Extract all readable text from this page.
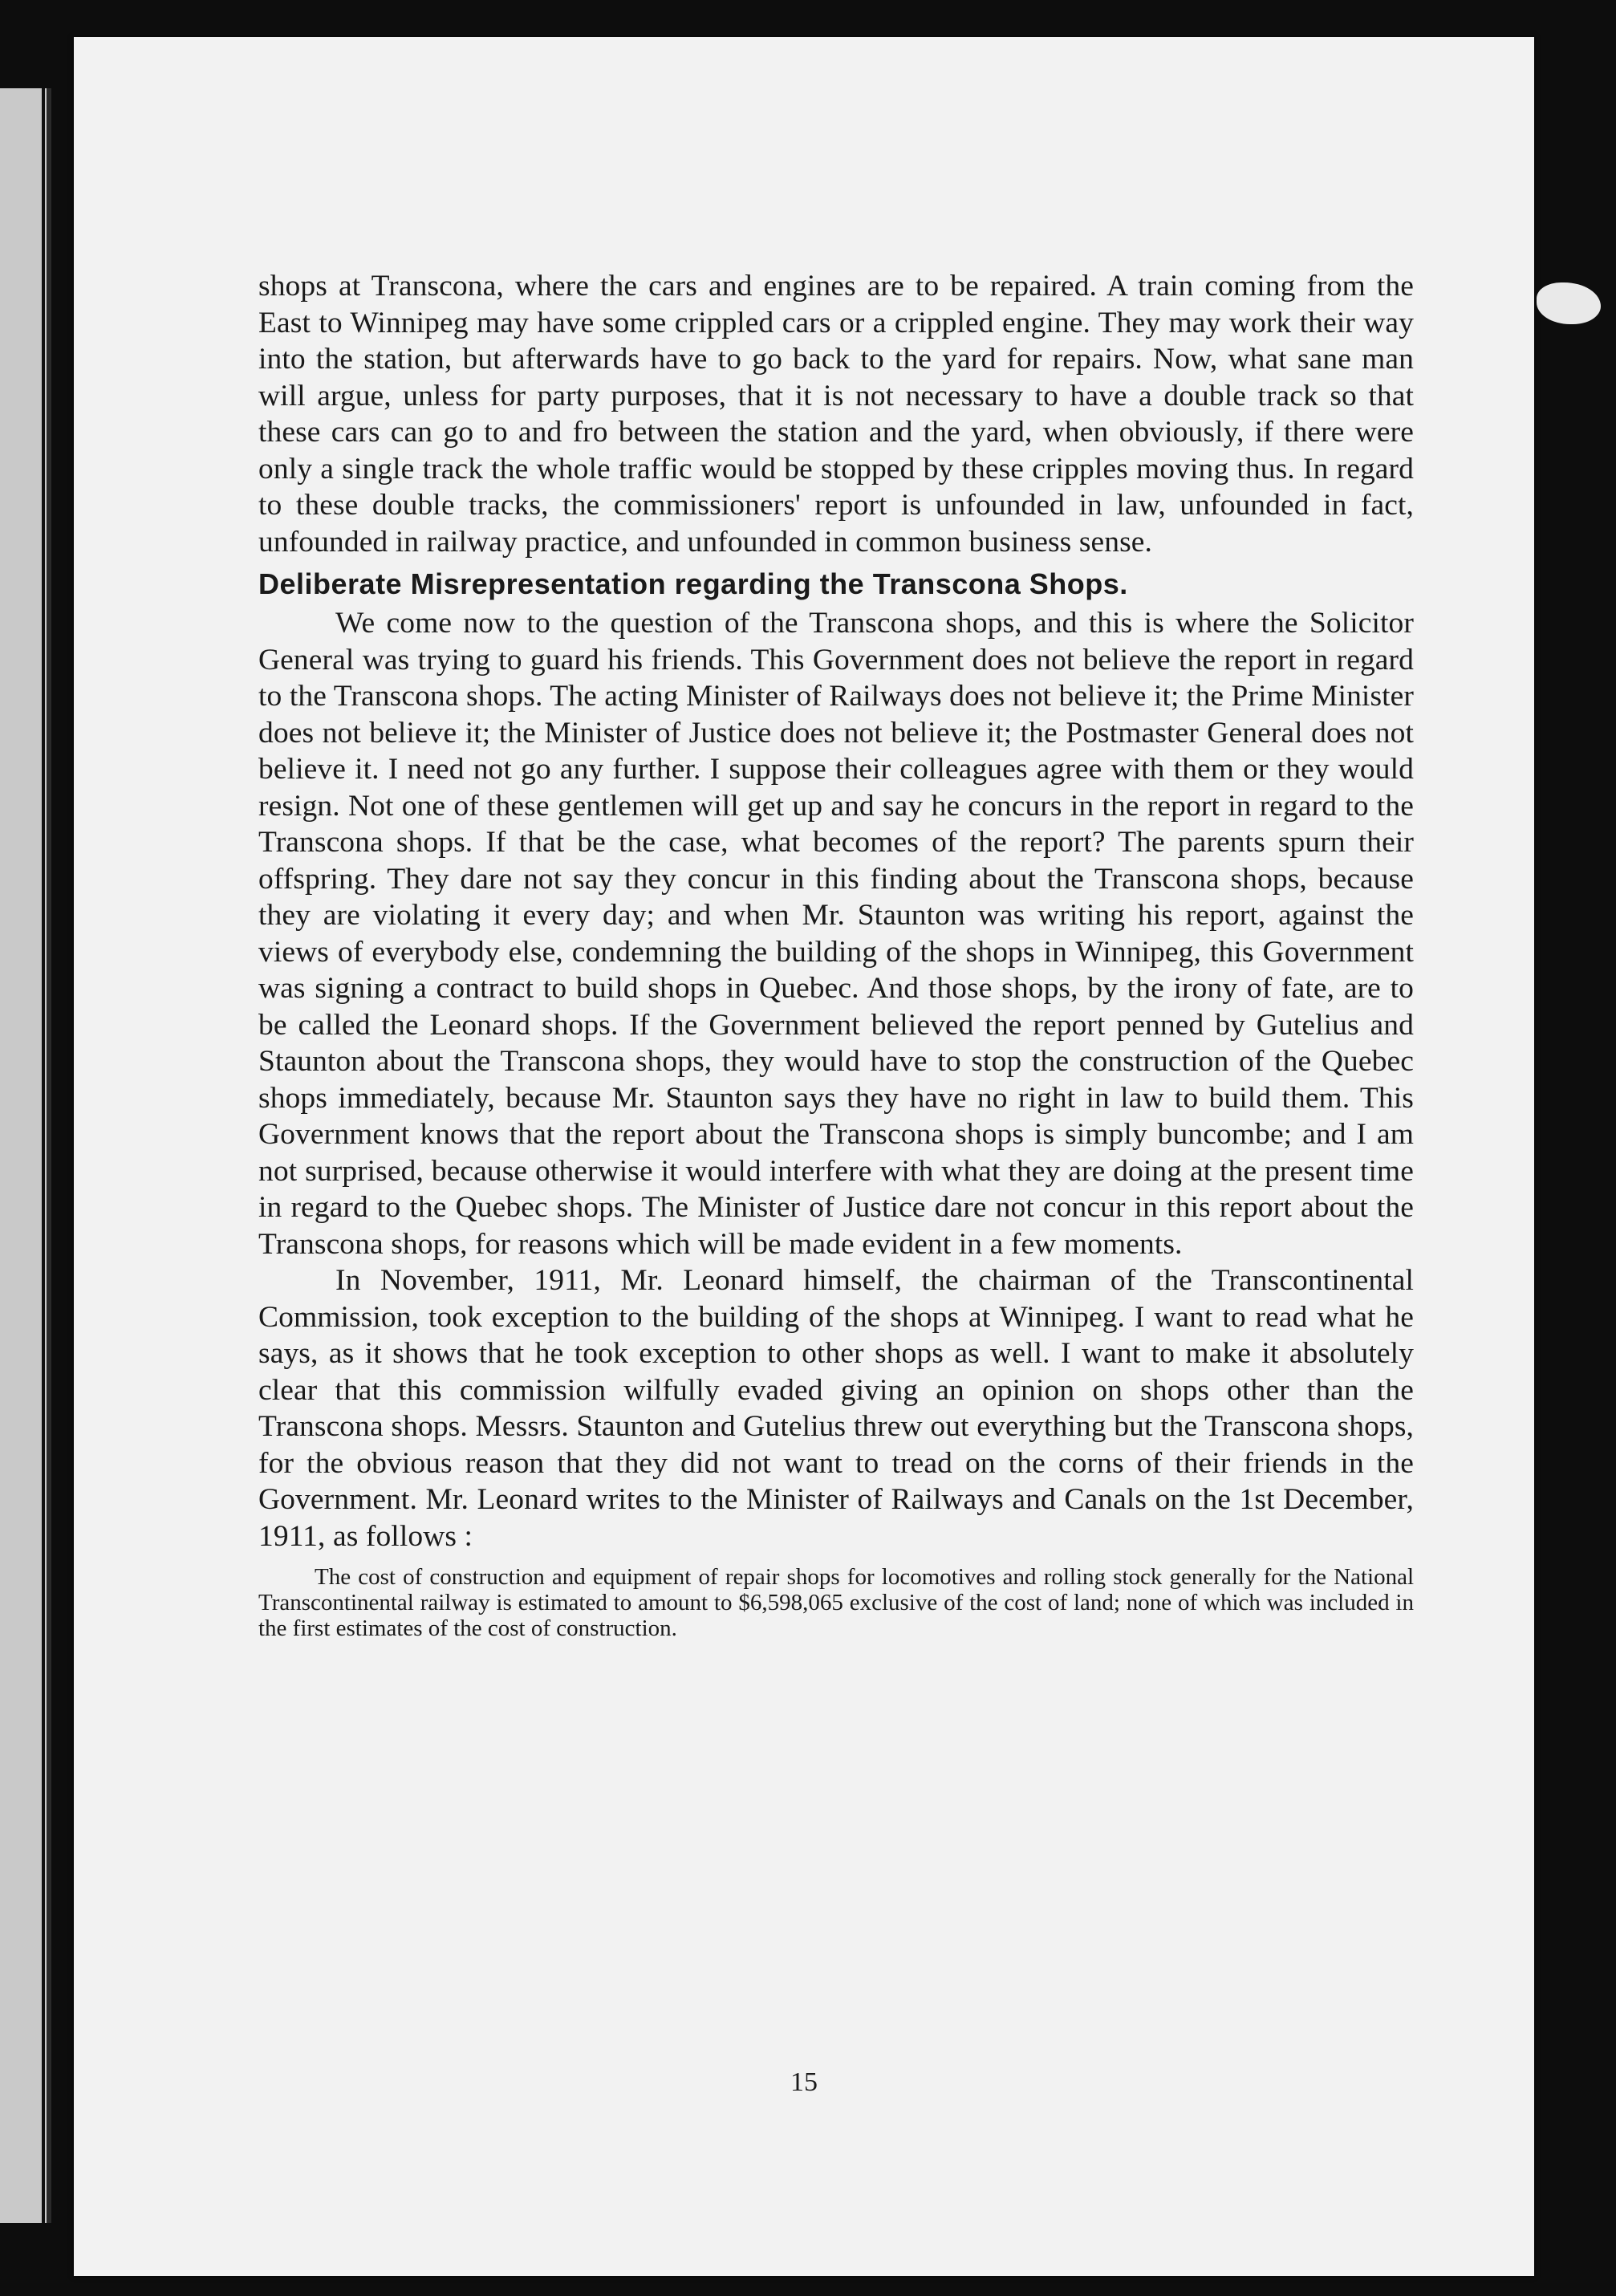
shops at Transcona, where the cars and engines are to be repaired. A train coming from the East to Winnipeg may have some crippled cars or a crippled engine. They may work their way into the station, but afterwards have to go back to the yard for repairs. Now, what sane man will argue, unless for party purposes, that it is not necessary to have a double track so that these cars can go to and fro between the station and the yard, when obviously, if there were only a single track the whole traffic would be stopped by these cripples moving thus. In regard to these double tracks, the commissioners' report is unfounded in law, unfounded in fact, unfounded in railway practice, and unfounded in common business sense.

Deliberate Misrepresentation regarding the Transcona Shops.

We come now to the question of the Transcona shops, and this is where the Solicitor General was trying to guard his friends. This Government does not believe the report in regard to the Transcona shops. The acting Minister of Railways does not believe it; the Prime Minister does not believe it; the Minister of Justice does not believe it; the Postmaster General does not believe it. I need not go any further. I suppose their colleagues agree with them or they would resign. Not one of these gentlemen will get up and say he concurs in the report in regard to the Transcona shops. If that be the case, what becomes of the report? The parents spurn their offspring. They dare not say they concur in this finding about the Transcona shops, because they are violating it every day; and when Mr. Staunton was writing his report, against the views of everybody else, condemning the building of the shops in Winnipeg, this Government was signing a contract to build shops in Quebec. And those shops, by the irony of fate, are to be called the Leonard shops. If the Government believed the report penned by Gutelius and Staunton about the Transcona shops, they would have to stop the construction of the Quebec shops immediately, because Mr. Staunton says they have no right in law to build them. This Government knows that the report about the Transcona shops is simply buncombe; and I am not surprised, because otherwise it would interfere with what they are doing at the present time in regard to the Quebec shops. The Minister of Justice dare not concur in this report about the Transcona shops, for reasons which will be made evident in a few moments.

In November, 1911, Mr. Leonard himself, the chairman of the Transcontinental Commission, took exception to the building of the shops at Winnipeg. I want to read what he says, as it shows that he took exception to other shops as well. I want to make it absolutely clear that this commission wilfully evaded giving an opinion on shops other than the Transcona shops. Messrs. Staunton and Gutelius threw out everything but the Transcona shops, for the obvious reason that they did not want to tread on the corns of their friends in the Government. Mr. Leonard writes to the Minister of Railways and Canals on the 1st December, 1911, as follows :

The cost of construction and equipment of repair shops for locomotives and rolling stock generally for the National Transcontinental railway is estimated to amount to $6,598,065 exclusive of the cost of land; none of which was included in the first estimates of the cost of construction.

15
